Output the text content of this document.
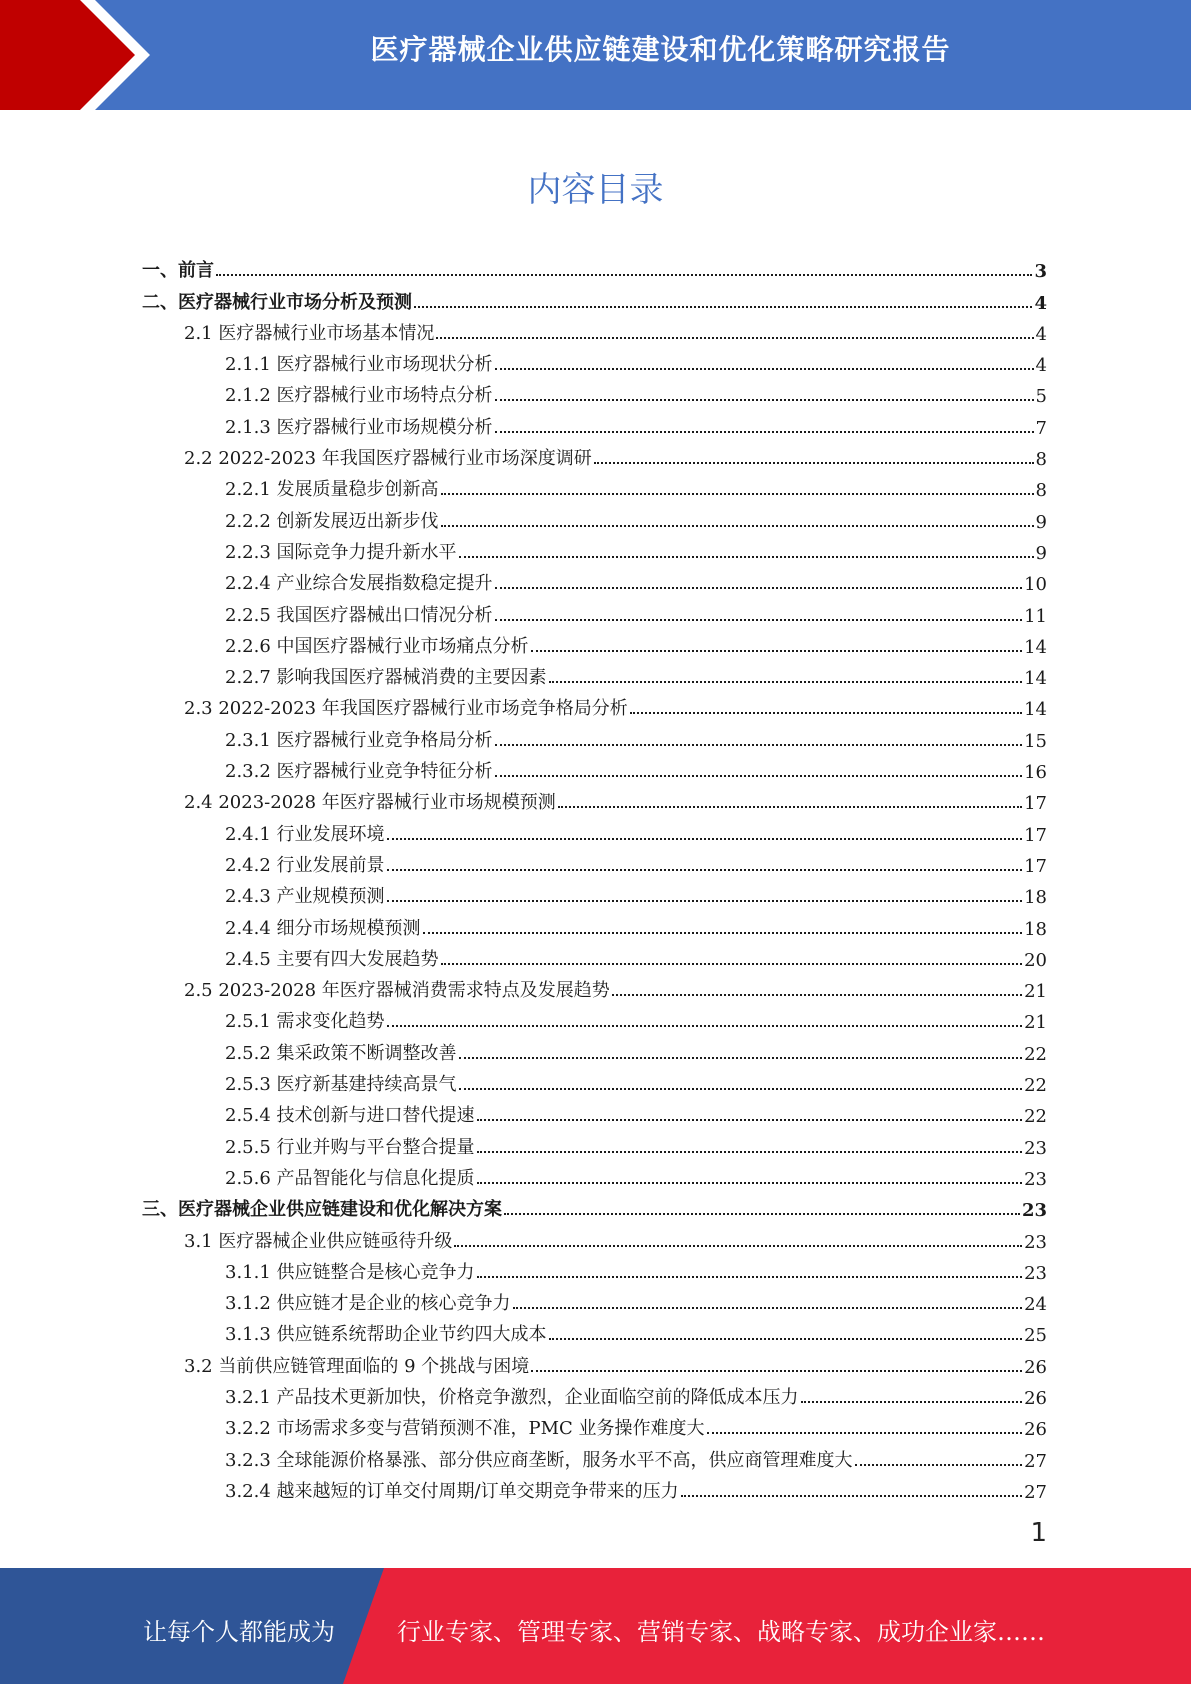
医疗器械企业供应链建设和优化策略研究报告
内容目录
一、前言	3
二、医疗器械行业市场分析及预测	4
2.1 医疗器械行业市场基本情况	4
2.1.1 医疗器械行业市场现状分析	4
2.1.2 医疗器械行业市场特点分析	5
2.1.3 医疗器械行业市场规模分析	7
2.2 2022-2023 年我国医疗器械行业市场深度调研	8
2.2.1 发展质量稳步创新高	8
2.2.2 创新发展迈出新步伐	9
2.2.3 国际竞争力提升新水平	9
2.2.4 产业综合发展指数稳定提升	10
2.2.5 我国医疗器械出口情况分析	11
2.2.6 中国医疗器械行业市场痛点分析	14
2.2.7 影响我国医疗器械消费的主要因素	14
2.3 2022-2023 年我国医疗器械行业市场竞争格局分析	14
2.3.1 医疗器械行业竞争格局分析	15
2.3.2 医疗器械行业竞争特征分析	16
2.4 2023-2028 年医疗器械行业市场规模预测	17
2.4.1 行业发展环境	17
2.4.2 行业发展前景	17
2.4.3 产业规模预测	18
2.4.4 细分市场规模预测	18
2.4.5 主要有四大发展趋势	20
2.5 2023-2028 年医疗器械消费需求特点及发展趋势	21
2.5.1 需求变化趋势	21
2.5.2 集采政策不断调整改善	22
2.5.3 医疗新基建持续高景气	22
2.5.4 技术创新与进口替代提速	22
2.5.5 行业并购与平台整合提量	23
2.5.6 产品智能化与信息化提质	23
三、医疗器械企业供应链建设和优化解决方案	23
3.1 医疗器械企业供应链亟待升级	23
3.1.1 供应链整合是核心竞争力	23
3.1.2 供应链才是企业的核心竞争力	24
3.1.3 供应链系统帮助企业节约四大成本	25
3.2 当前供应链管理面临的 9 个挑战与困境	26
3.2.1 产品技术更新加快，价格竞争激烈，企业面临空前的降低成本压力	26
3.2.2 市场需求多变与营销预测不准，PMC 业务操作难度大	26
3.2.3 全球能源价格暴涨、部分供应商垄断，服务水平不高，供应商管理难度大	27
3.2.4 越来越短的订单交付周期/订单交期竞争带来的压力	27
1
让每个人都能成为	行业专家、管理专家、营销专家、战略专家、成功企业家……
